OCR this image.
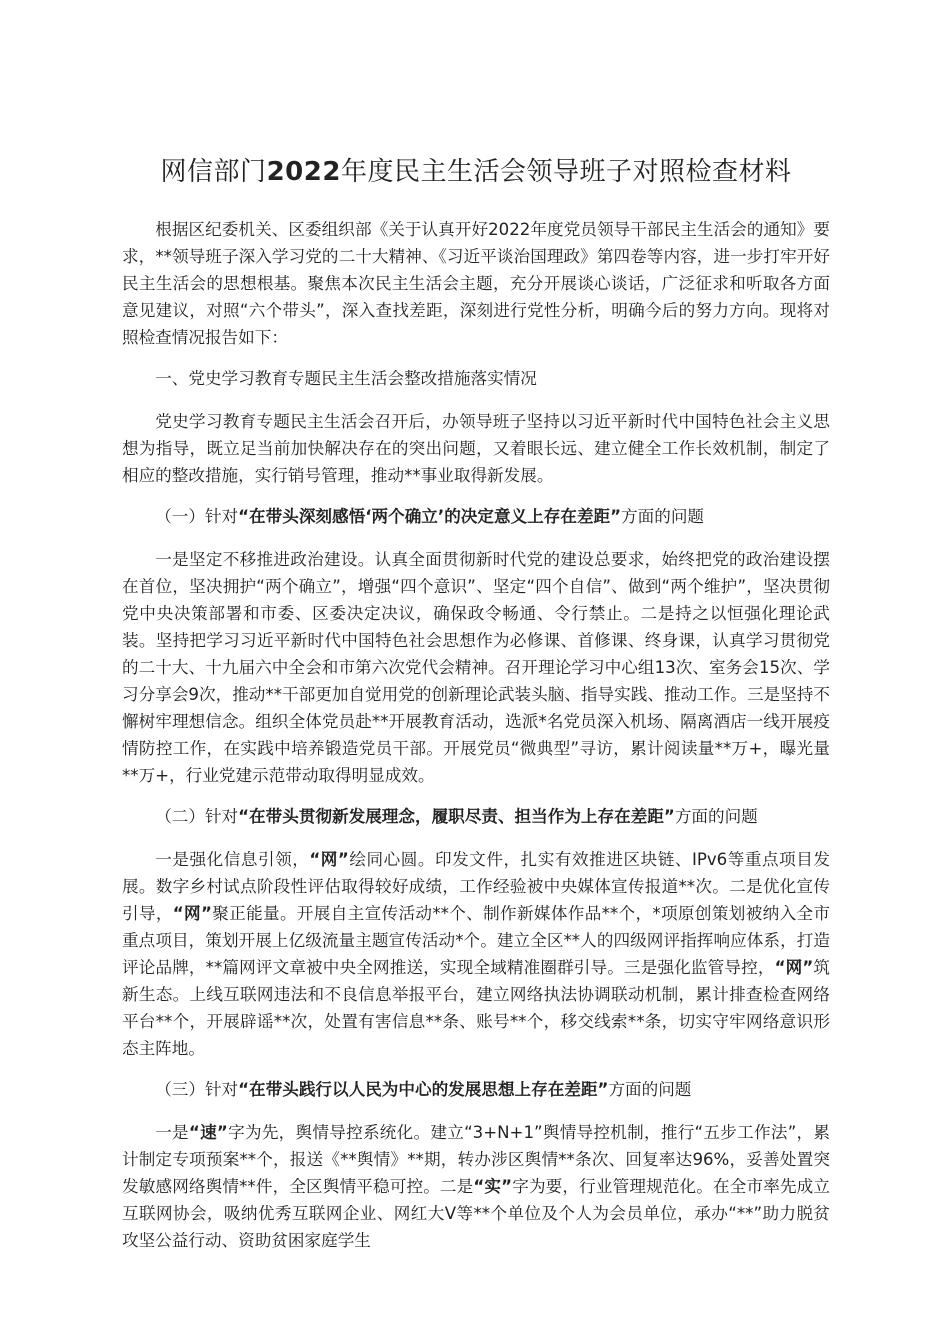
网信部门2022年度民主生活会领导班子对照检查材料

根据区纪委机关、区委组织部《关于认真开好2022年度党员领导干部民主生活会的通知》要求，**领导班子深入学习党的二十大精神、《习近平谈治国理政》第四卷等内容，进一步打牢开好民主生活会的思想根基。聚焦本次民主生活会主题，充分开展谈心谈话，广泛征求和听取各方面意见建议，对照“六个带头”，深入查找差距，深刻进行党性分析，明确今后的努力方向。现将对照检查情况报告如下：

一、党史学习教育专题民主生活会整改措施落实情况

党史学习教育专题民主生活会召开后，办领导班子坚持以习近平新时代中国特色社会主义思想为指导，既立足当前加快解决存在的突出问题，又着眼长远、建立健全工作长效机制，制定了相应的整改措施，实行销号管理，推动**事业取得新发展。

（一）针对“在带头深刻感悟‘两个确立’的决定意义上存在差距”方面的问题

一是坚定不移推进政治建设。认真全面贯彻新时代党的建设总要求，始终把党的政治建设摆在首位，坚决拥护“两个确立”，增强“四个意识”、坚定“四个自信”、做到“两个维护”，坚决贯彻党中央决策部署和市委、区委决定决议，确保政令畅通、令行禁止。二是持之以恒强化理论武装。坚持把学习习近平新时代中国特色社会思想作为必修课、首修课、终身课，认真学习贯彻党的二十大、十九届六中全会和市第六次党代会精神。召开理论学习中心组13次、室务会15次、学习分享会9次，推动**干部更加自觉用党的创新理论武装头脑、指导实践、推动工作。三是坚持不懈树牢理想信念。组织全体党员赴**开展教育活动，选派*名党员深入机场、隔离酒店一线开展疫情防控工作，在实践中培养锻造党员干部。开展党员“微典型”寻访，累计阅读量**万+，曝光量**万+，行业党建示范带动取得明显成效。

（二）针对“在带头贯彻新发展理念，履职尽责、担当作为上存在差距”方面的问题

一是强化信息引领，“网”绘同心圆。印发文件，扎实有效推进区块链、IPv6等重点项目发展。数字乡村试点阶段性评估取得较好成绩，工作经验被中央媒体宣传报道**次。二是优化宣传引导，“网”聚正能量。开展自主宣传活动**个、制作新媒体作品**个，*项原创策划被纳入全市重点项目，策划开展上亿级流量主题宣传活动*个。建立全区**人的四级网评指挥响应体系，打造评论品牌，**篇网评文章被中央全网推送，实现全域精准圈群引导。三是强化监管导控，“网”筑新生态。上线互联网违法和不良信息举报平台，建立网络执法协调联动机制，累计排查检查网络平台**个，开展辟谣**次，处置有害信息**条、账号**个，移交线索**条，切实守牢网络意识形态主阵地。

（三）针对“在带头践行以人民为中心的发展思想上存在差距”方面的问题

一是“速”字为先，舆情导控系统化。建立“3+N+1”舆情导控机制，推行“五步工作法”，累计制定专项预案**个，报送《**舆情》**期，转办涉区舆情**条次、回复率达96%，妥善处置突发敏感网络舆情**件，全区舆情平稳可控。二是“实”字为要，行业管理规范化。在全市率先成立互联网协会，吸纳优秀互联网企业、网红大V等**个单位及个人为会员单位，承办“**”助力脱贫攻坚公益行动、资助贫困家庭学生
